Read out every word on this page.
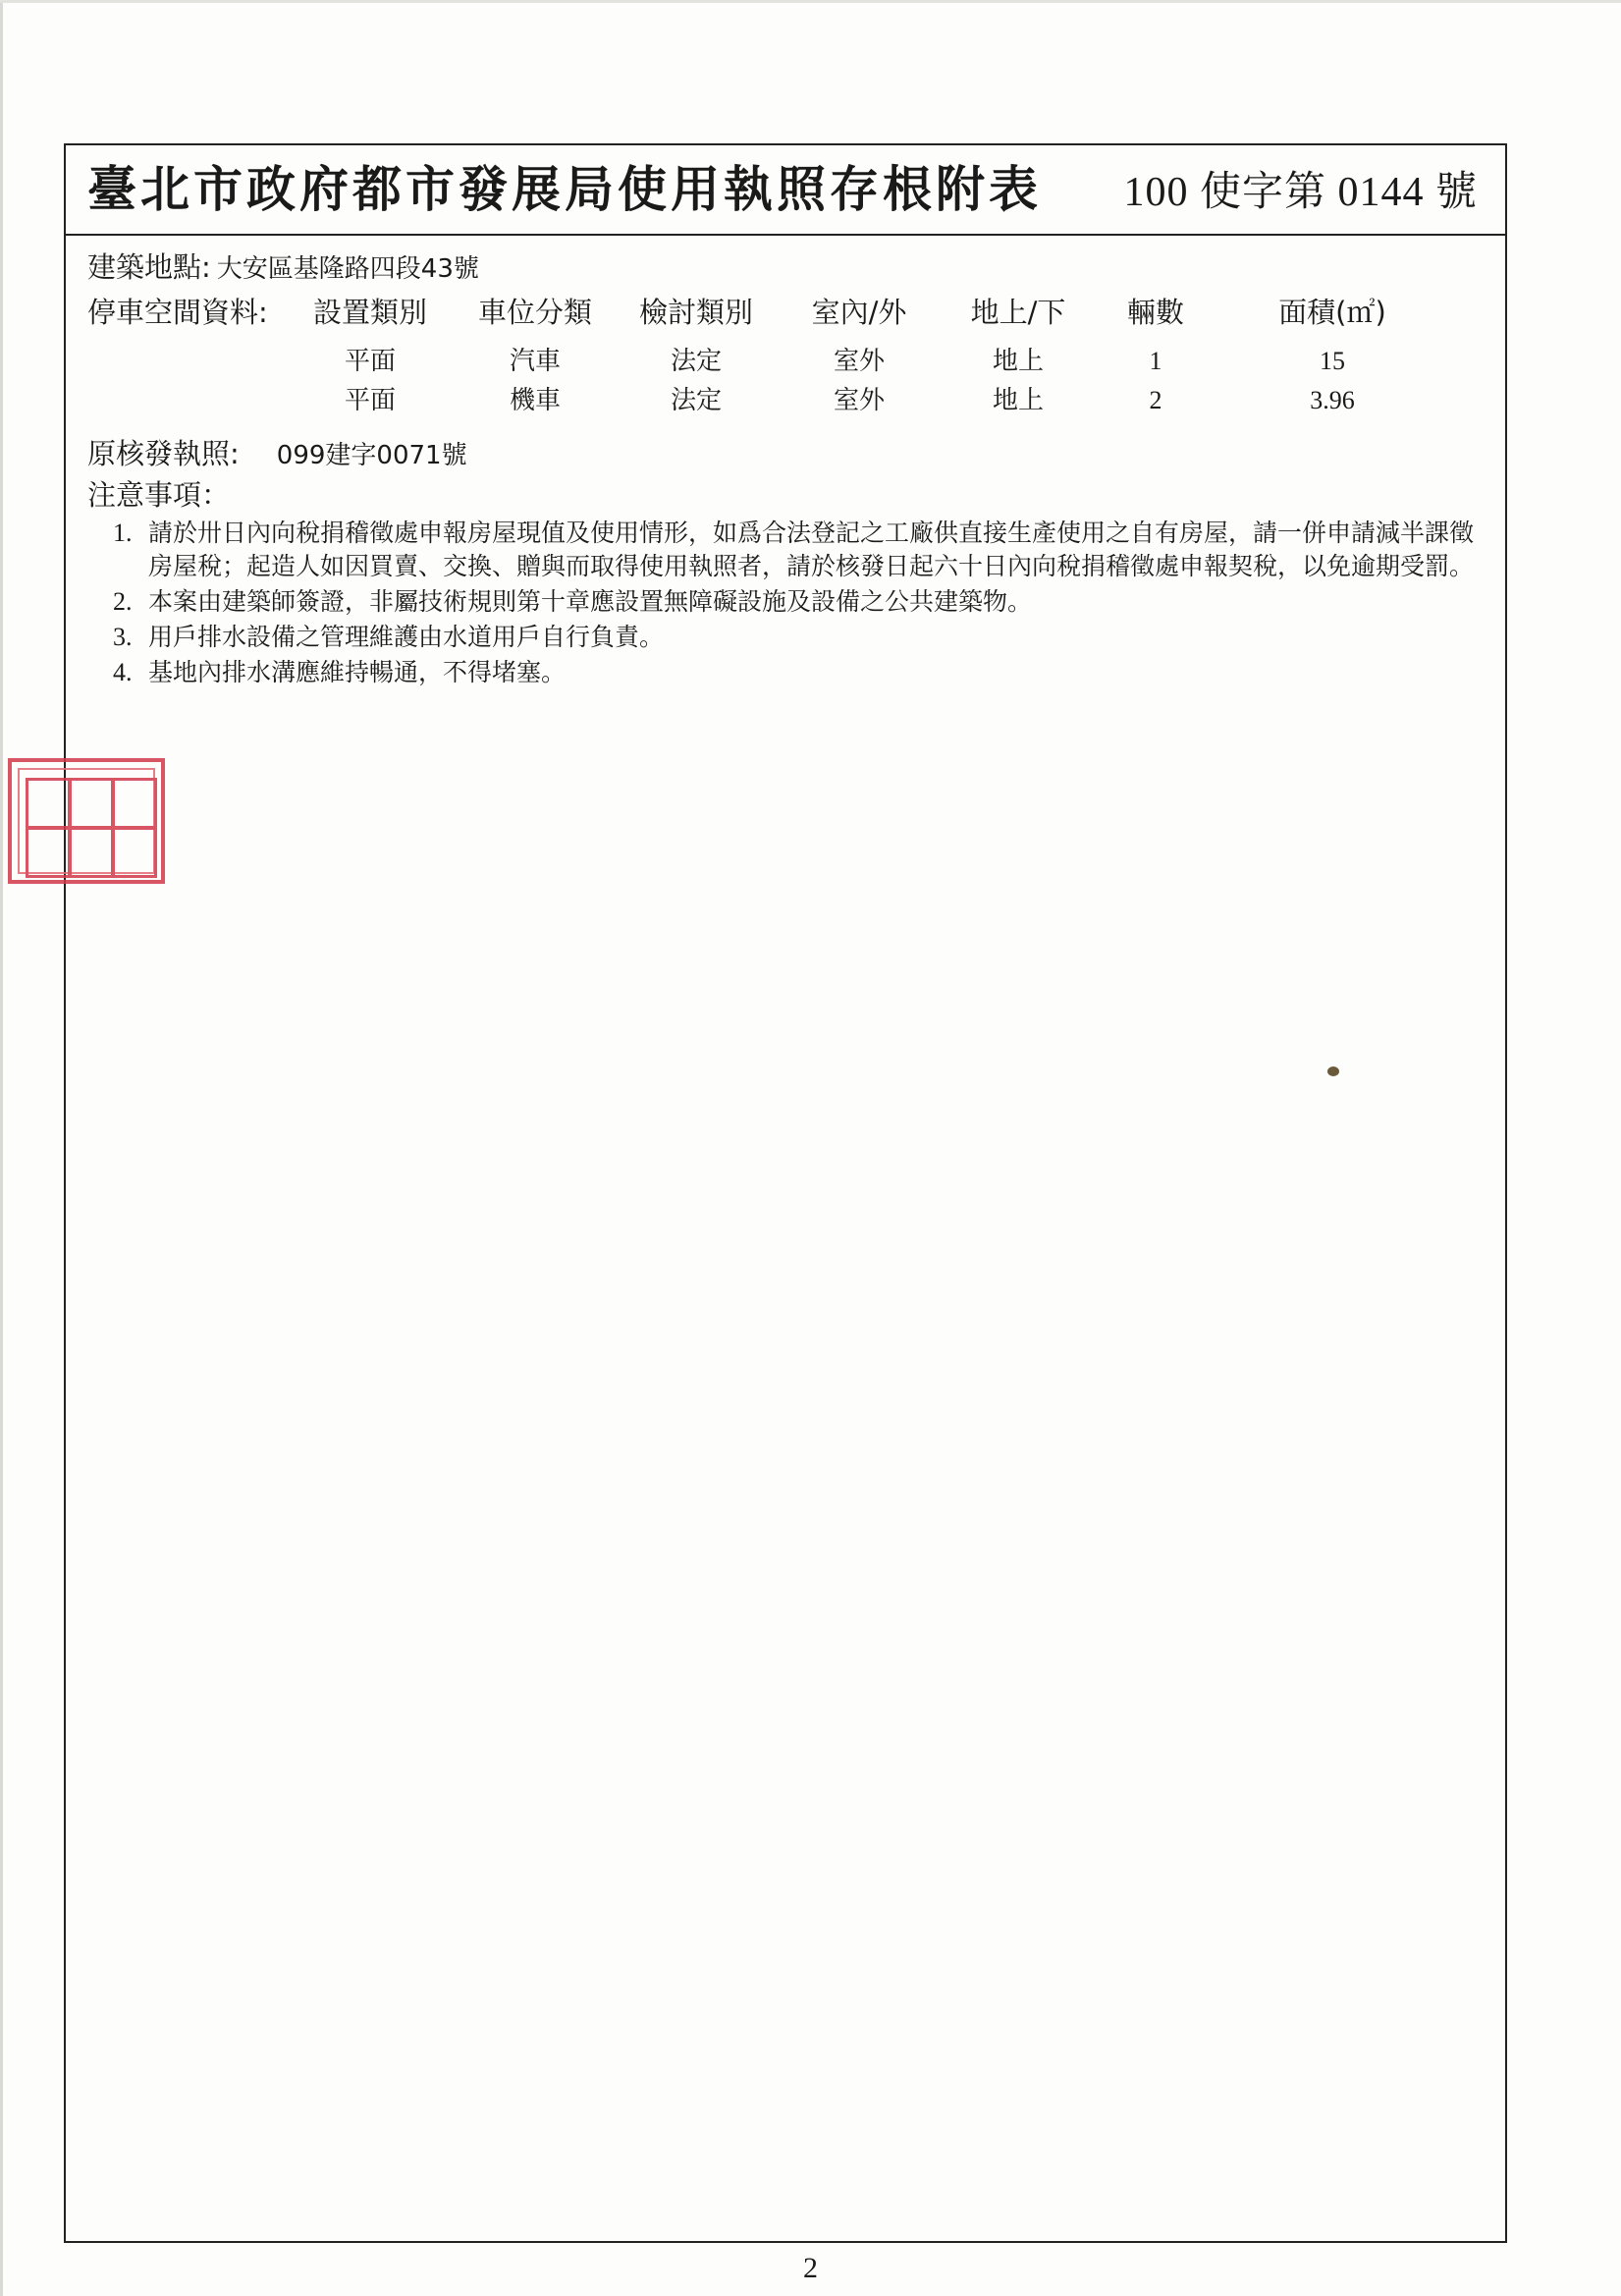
臺北市政府都市發展局使用執照存根附表 100 使字第 0144 號
建築地點: 大安區基隆路四段43號
停車空間資料: 設置類別 車位分類 檢討類別 室內/外 地上/下 輛數	面積(㎡)
平面	汽車	法定	室外	地上	1	15
平面	機車	法定	室外	地上	2	3.96
原核發執照: 099建字0071號
注意事項：
1. 請於卅日內向稅捐稽徵處申報房屋現值及使用情形，如爲合法登記之工廠供直接生產使用之自有房屋，請一併申請減半課徵房屋稅；起造人如因買賣、交換、贈與而取得使用執照者，請於核發日起六十日內向稅捐稽徵處申報契稅，以免逾期受罰。
2. 本案由建築師簽證，非屬技術規則第十章應設置無障礙設施及設備之公共建築物。
3. 用戶排水設備之管理維護由水道用戶自行負責。
4. 基地內排水溝應維持暢通，不得堵塞。
2
